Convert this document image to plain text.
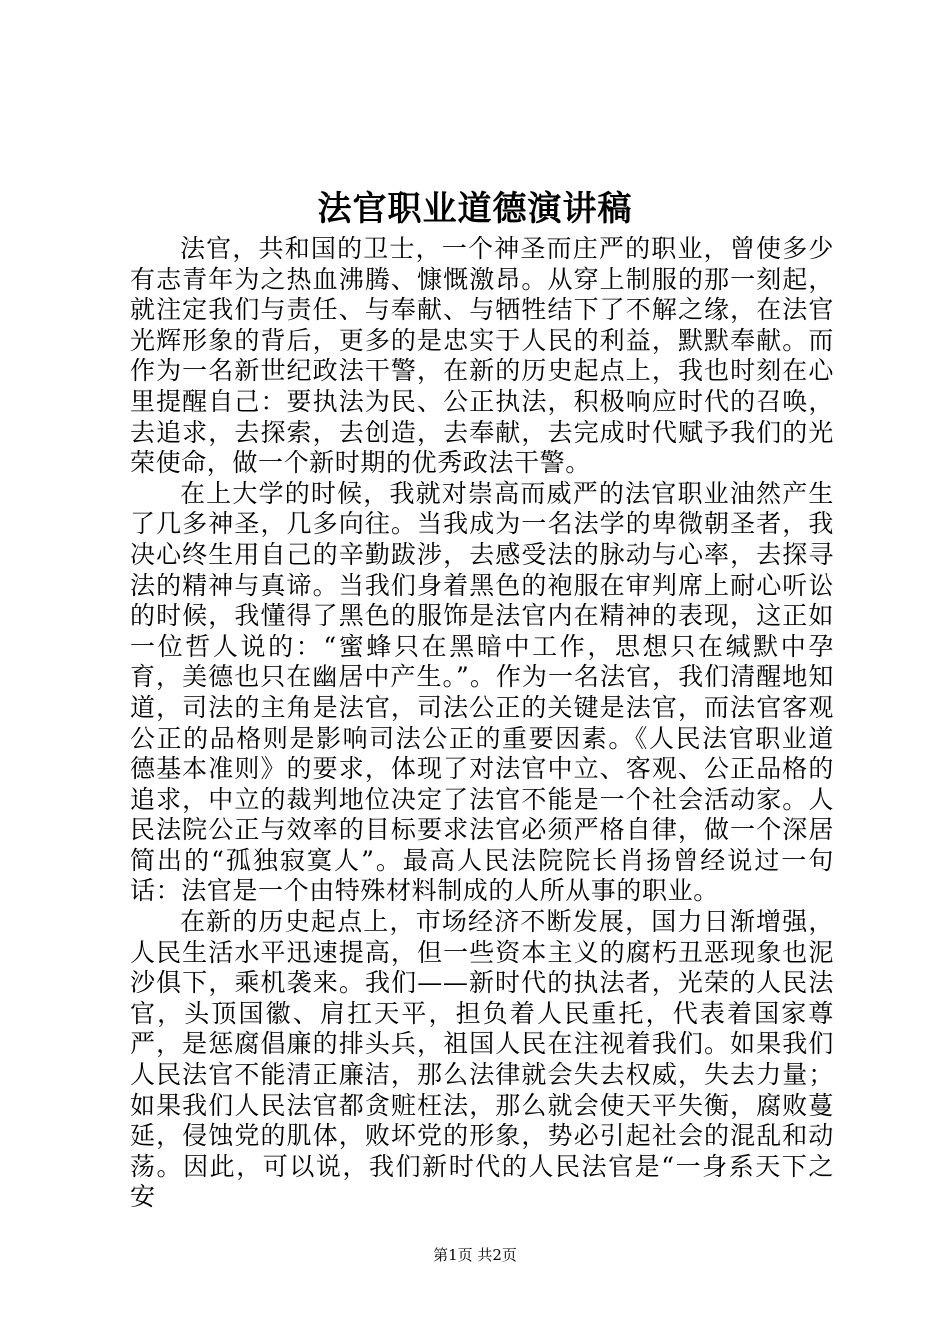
法官职业道德演讲稿

法官，共和国的卫士，一个神圣而庄严的职业，曾使多少有志青年为之热血沸腾、慷慨激昂。从穿上制服的那一刻起，就注定我们与责任、与奉献、与牺牲结下了不解之缘，在法官光辉形象的背后，更多的是忠实于人民的利益，默默奉献。而作为一名新世纪政法干警，在新的历史起点上，我也时刻在心里提醒自己：要执法为民、公正执法，积极响应时代的召唤，去追求，去探索，去创造，去奉献，去完成时代赋予我们的光荣使命，做一个新时期的优秀政法干警。

在上大学的时候，我就对崇高而威严的法官职业油然产生了几多神圣，几多向往。当我成为一名法学的卑微朝圣者，我决心终生用自己的辛勤跋涉，去感受法的脉动与心率，去探寻法的精神与真谛。当我们身着黑色的袍服在审判席上耐心听讼的时候，我懂得了黑色的服饰是法官内在精神的表现，这正如一位哲人说的：“蜜蜂只在黑暗中工作，思想只在缄默中孕育，美德也只在幽居中产生。”。作为一名法官，我们清醒地知道，司法的主角是法官，司法公正的关键是法官，而法官客观公正的品格则是影响司法公正的重要因素。《人民法官职业道德基本准则》的要求，体现了对法官中立、客观、公正品格的追求，中立的裁判地位决定了法官不能是一个社会活动家。人民法院公正与效率的目标要求法官必须严格自律，做一个深居简出的“孤独寂寞人”。最高人民法院院长肖扬曾经说过一句话：法官是一个由特殊材料制成的人所从事的职业。

在新的历史起点上，市场经济不断发展，国力日渐增强，人民生活水平迅速提高，但一些资本主义的腐朽丑恶现象也泥沙俱下，乘机袭来。我们——新时代的执法者，光荣的人民法官，头顶国徽、肩扛天平，担负着人民重托，代表着国家尊严，是惩腐倡廉的排头兵，祖国人民在注视着我们。如果我们人民法官不能清正廉洁，那么法律就会失去权威，失去力量；如果我们人民法官都贪赃枉法，那么就会使天平失衡，腐败蔓延，侵蚀党的肌体，败坏党的形象，势必引起社会的混乱和动荡。因此，可以说，我们新时代的人民法官是“一身系天下之安

第1页 共2页
